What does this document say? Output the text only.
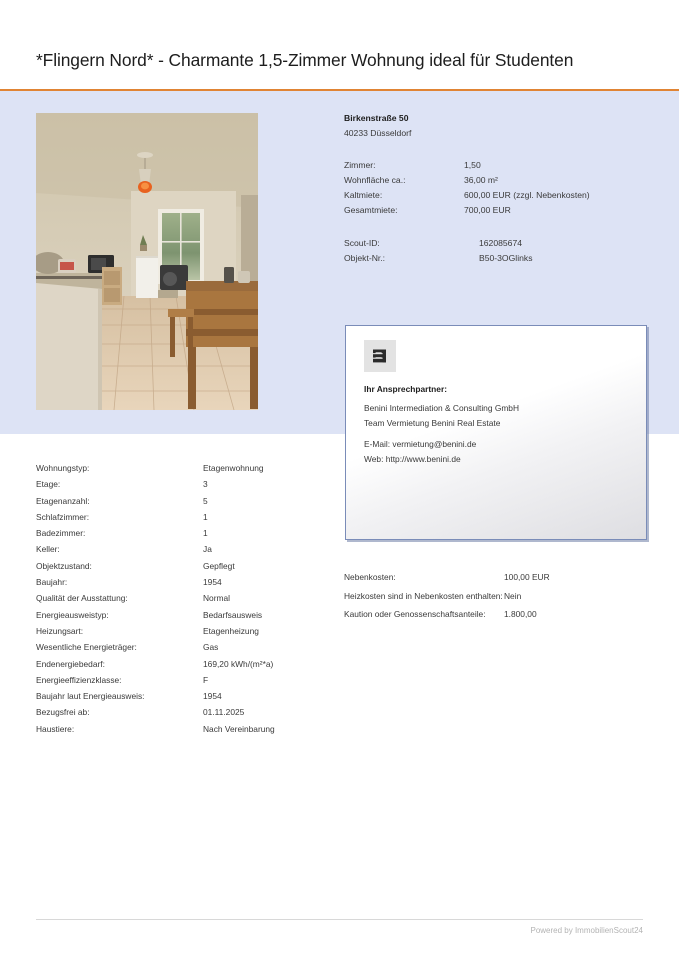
*Flingern Nord* - Charmante 1,5-Zimmer Wohnung ideal für Studenten
Birkenstraße 50
40233 Düsseldorf
Zimmer:	1,50
Wohnfläche ca.:	36,00 m²
Kaltmiete:	600,00 EUR (zzgl. Nebenkosten)
Gesamtmiete:	700,00 EUR
Scout-ID:	162085674
Objekt-Nr.:	B50-3OGlinks
Ihr Ansprechpartner:
Benini Intermediation & Consulting GmbH
Team Vermietung Benini Real Estate
E-Mail: vermietung@benini.de
Web: http://www.benini.de
Wohnungstyp:	Etagenwohnung
Etage:	3
Etagenanzahl:	5
Schlafzimmer:	1
Badezimmer:	1
Keller:	Ja
Objektzustand:	Gepflegt
Baujahr:	1954
Qualität der Ausstattung:	Normal
Energieausweistyp:	Bedarfsausweis
Heizungsart:	Etagenheizung
Wesentliche Energieträger:	Gas
Endenergiebedarf:	169,20 kWh/(m²*a)
Energieeffizienzklasse:	F
Baujahr laut Energieausweis:	1954
Bezugsfrei ab:	01.11.2025
Haustiere:	Nach Vereinbarung
Nebenkosten:	100,00 EUR
Heizkosten sind in Nebenkosten enthalten: Nein
Kaution oder Genossenschaftsanteile:	1.800,00
Powered by ImmobilienScout24
